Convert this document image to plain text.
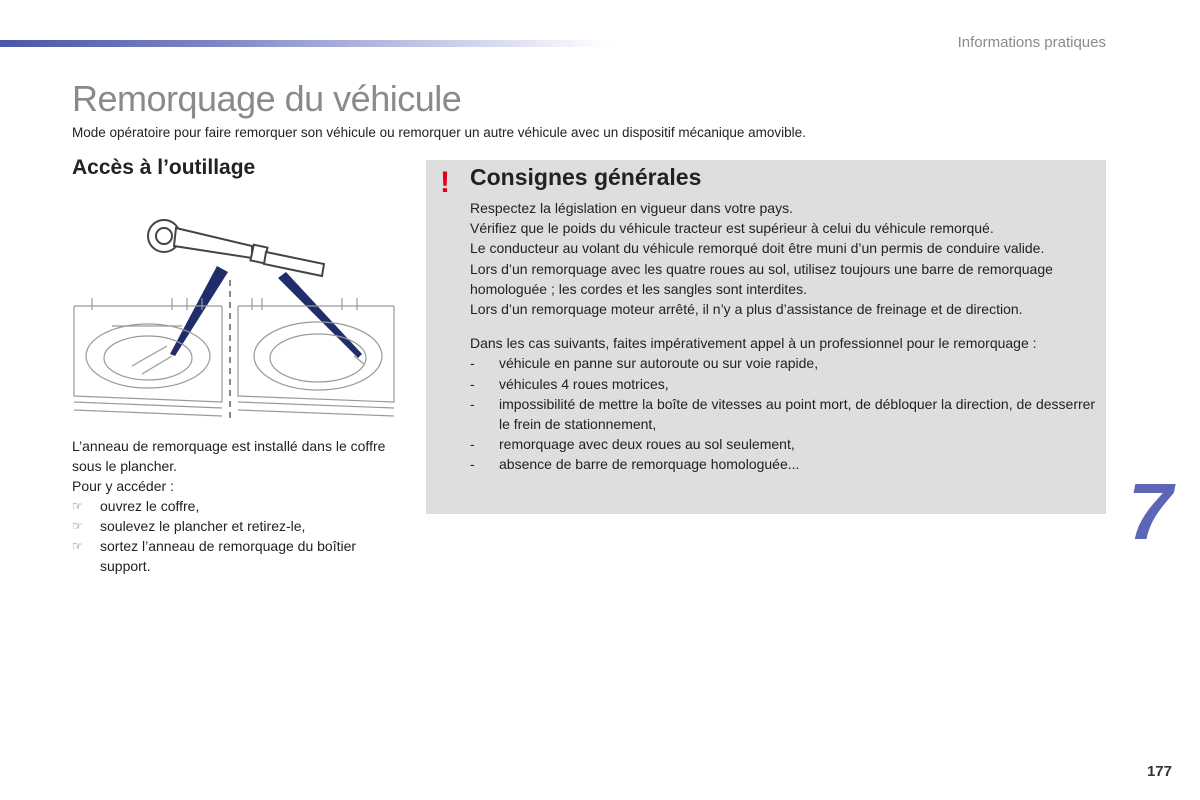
Informations pratiques
Remorquage du véhicule
Mode opératoire pour faire remorquer son véhicule ou remorquer un autre véhicule avec un dispositif mécanique amovible.
Accès à l’outillage

L’anneau de remorquage est installé dans le coffre sous le plancher.

Pour y accéder :

☞ ouvrez le coffre,
☞ soulevez le plancher et retirez-le,
☞ sortez l’anneau de remorquage du boîtier support.
! Consignes générales

Respectez la législation en vigueur dans votre pays.

Vérifiez que le poids du véhicule tracteur est supérieur à celui du véhicule remorqué.

Le conducteur au volant du véhicule remorqué doit être muni d’un permis de conduire valide.

Lors d’un remorquage avec les quatre roues au sol, utilisez toujours une barre de remorquage homologuée ; les cordes et les sangles sont interdites.

Lors d’un remorquage moteur arrêté, il n’y a plus d’assistance de freinage et de direction.

Dans les cas suivants, faites impérativement appel à un professionnel pour le remorquage :

- véhicule en panne sur autoroute ou sur voie rapide,
- véhicules 4 roues motrices,
- impossibilité de mettre la boîte de vitesses au point mort, de débloquer la direction, de desserrer le frein de stationnement,
- remorquage avec deux roues au sol seulement,
- absence de barre de remorquage homologuée...
7
177
